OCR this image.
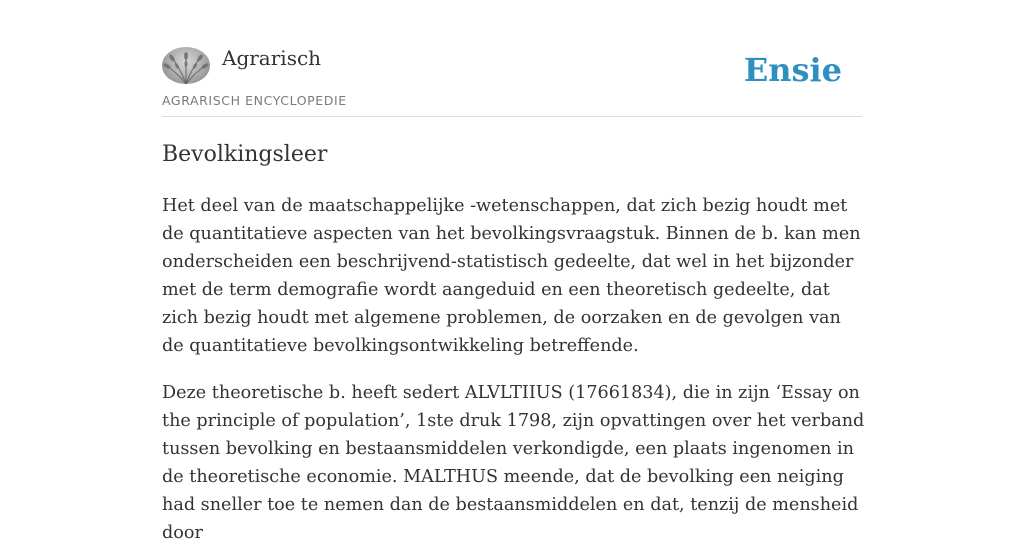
Agrarisch
AGRARISCH ENCYCLOPEDIE
Ensie
Bevolkingsleer

Het deel van de maatschappelijke -wetenschappen, dat zich bezig houdt met de quantitatieve aspecten van het bevolkingsvraagstuk. Binnen de b. kan men onderscheiden een beschrijvend-statistisch gedeelte, dat wel in het bijzonder met de term demografie wordt aangeduid en een theoretisch gedeelte, dat zich bezig houdt met algemene problemen, de oorzaken en de gevolgen van de quantitatieve bevolkingsontwikkeling betreffende.

Deze theoretische b. heeft sedert ALVLTIIUS (17661834), die in zijn ‘Essay on the principle of population’, 1ste druk 1798, zijn opvattingen over het verband tussen bevolking en bestaansmiddelen verkondigde, een plaats ingenomen in de theoretische economie. MALTHUS meende, dat de bevolking een neiging had sneller toe te nemen dan de bestaansmiddelen en dat, tenzij de mensheid door
